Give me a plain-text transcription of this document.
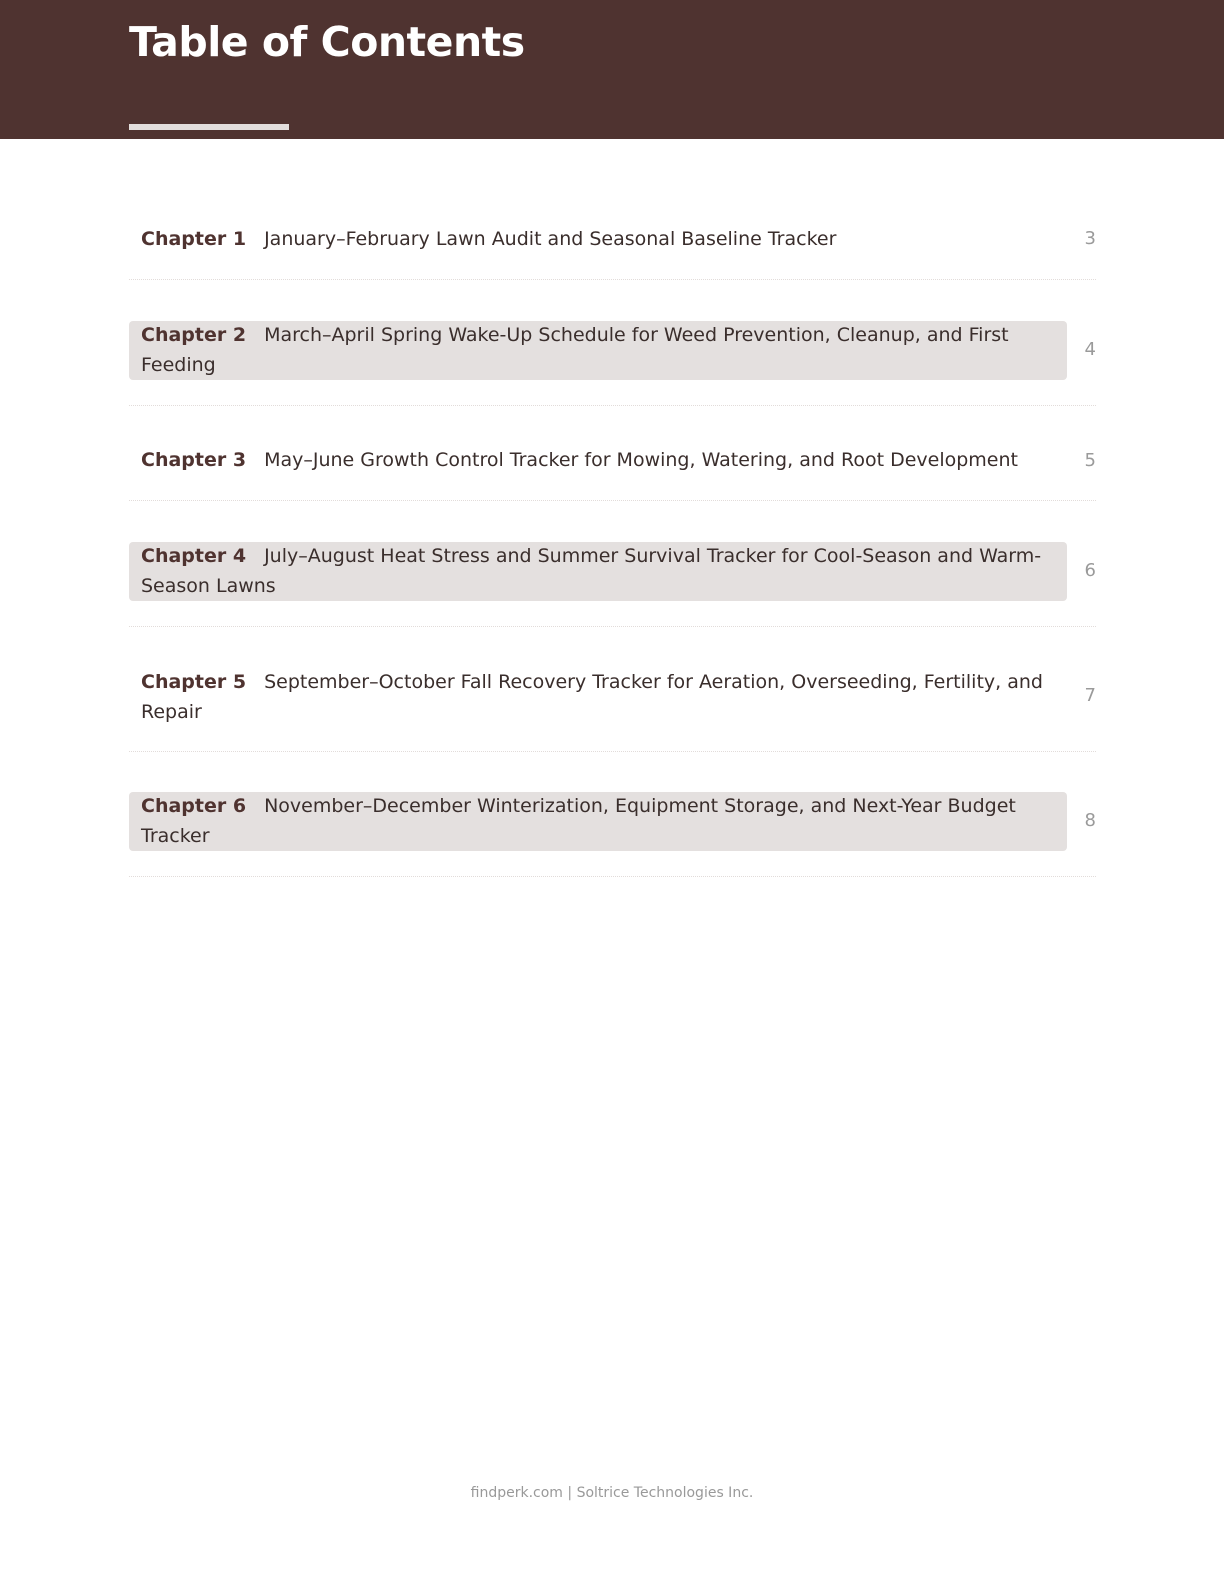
Table of Contents
Chapter 1 January–February Lawn Audit and Seasonal Baseline Tracker	3
Chapter 2 March–April Spring Wake-Up Schedule for Weed Prevention, Cleanup, and First Feeding
4
Chapter 3 May–June Growth Control Tracker for Mowing, Watering, and Root Development	5
Chapter 4 July–August Heat Stress and Summer Survival Tracker for Cool-Season and Warm-Season Lawns
6
Chapter 5 September–October Fall Recovery Tracker for Aeration, Overseeding, Fertility, and Repair
7
Chapter 6 November–December Winterization, Equipment Storage, and Next-Year Budget Tracker
8
findperk.com | Soltrice Technologies Inc.
